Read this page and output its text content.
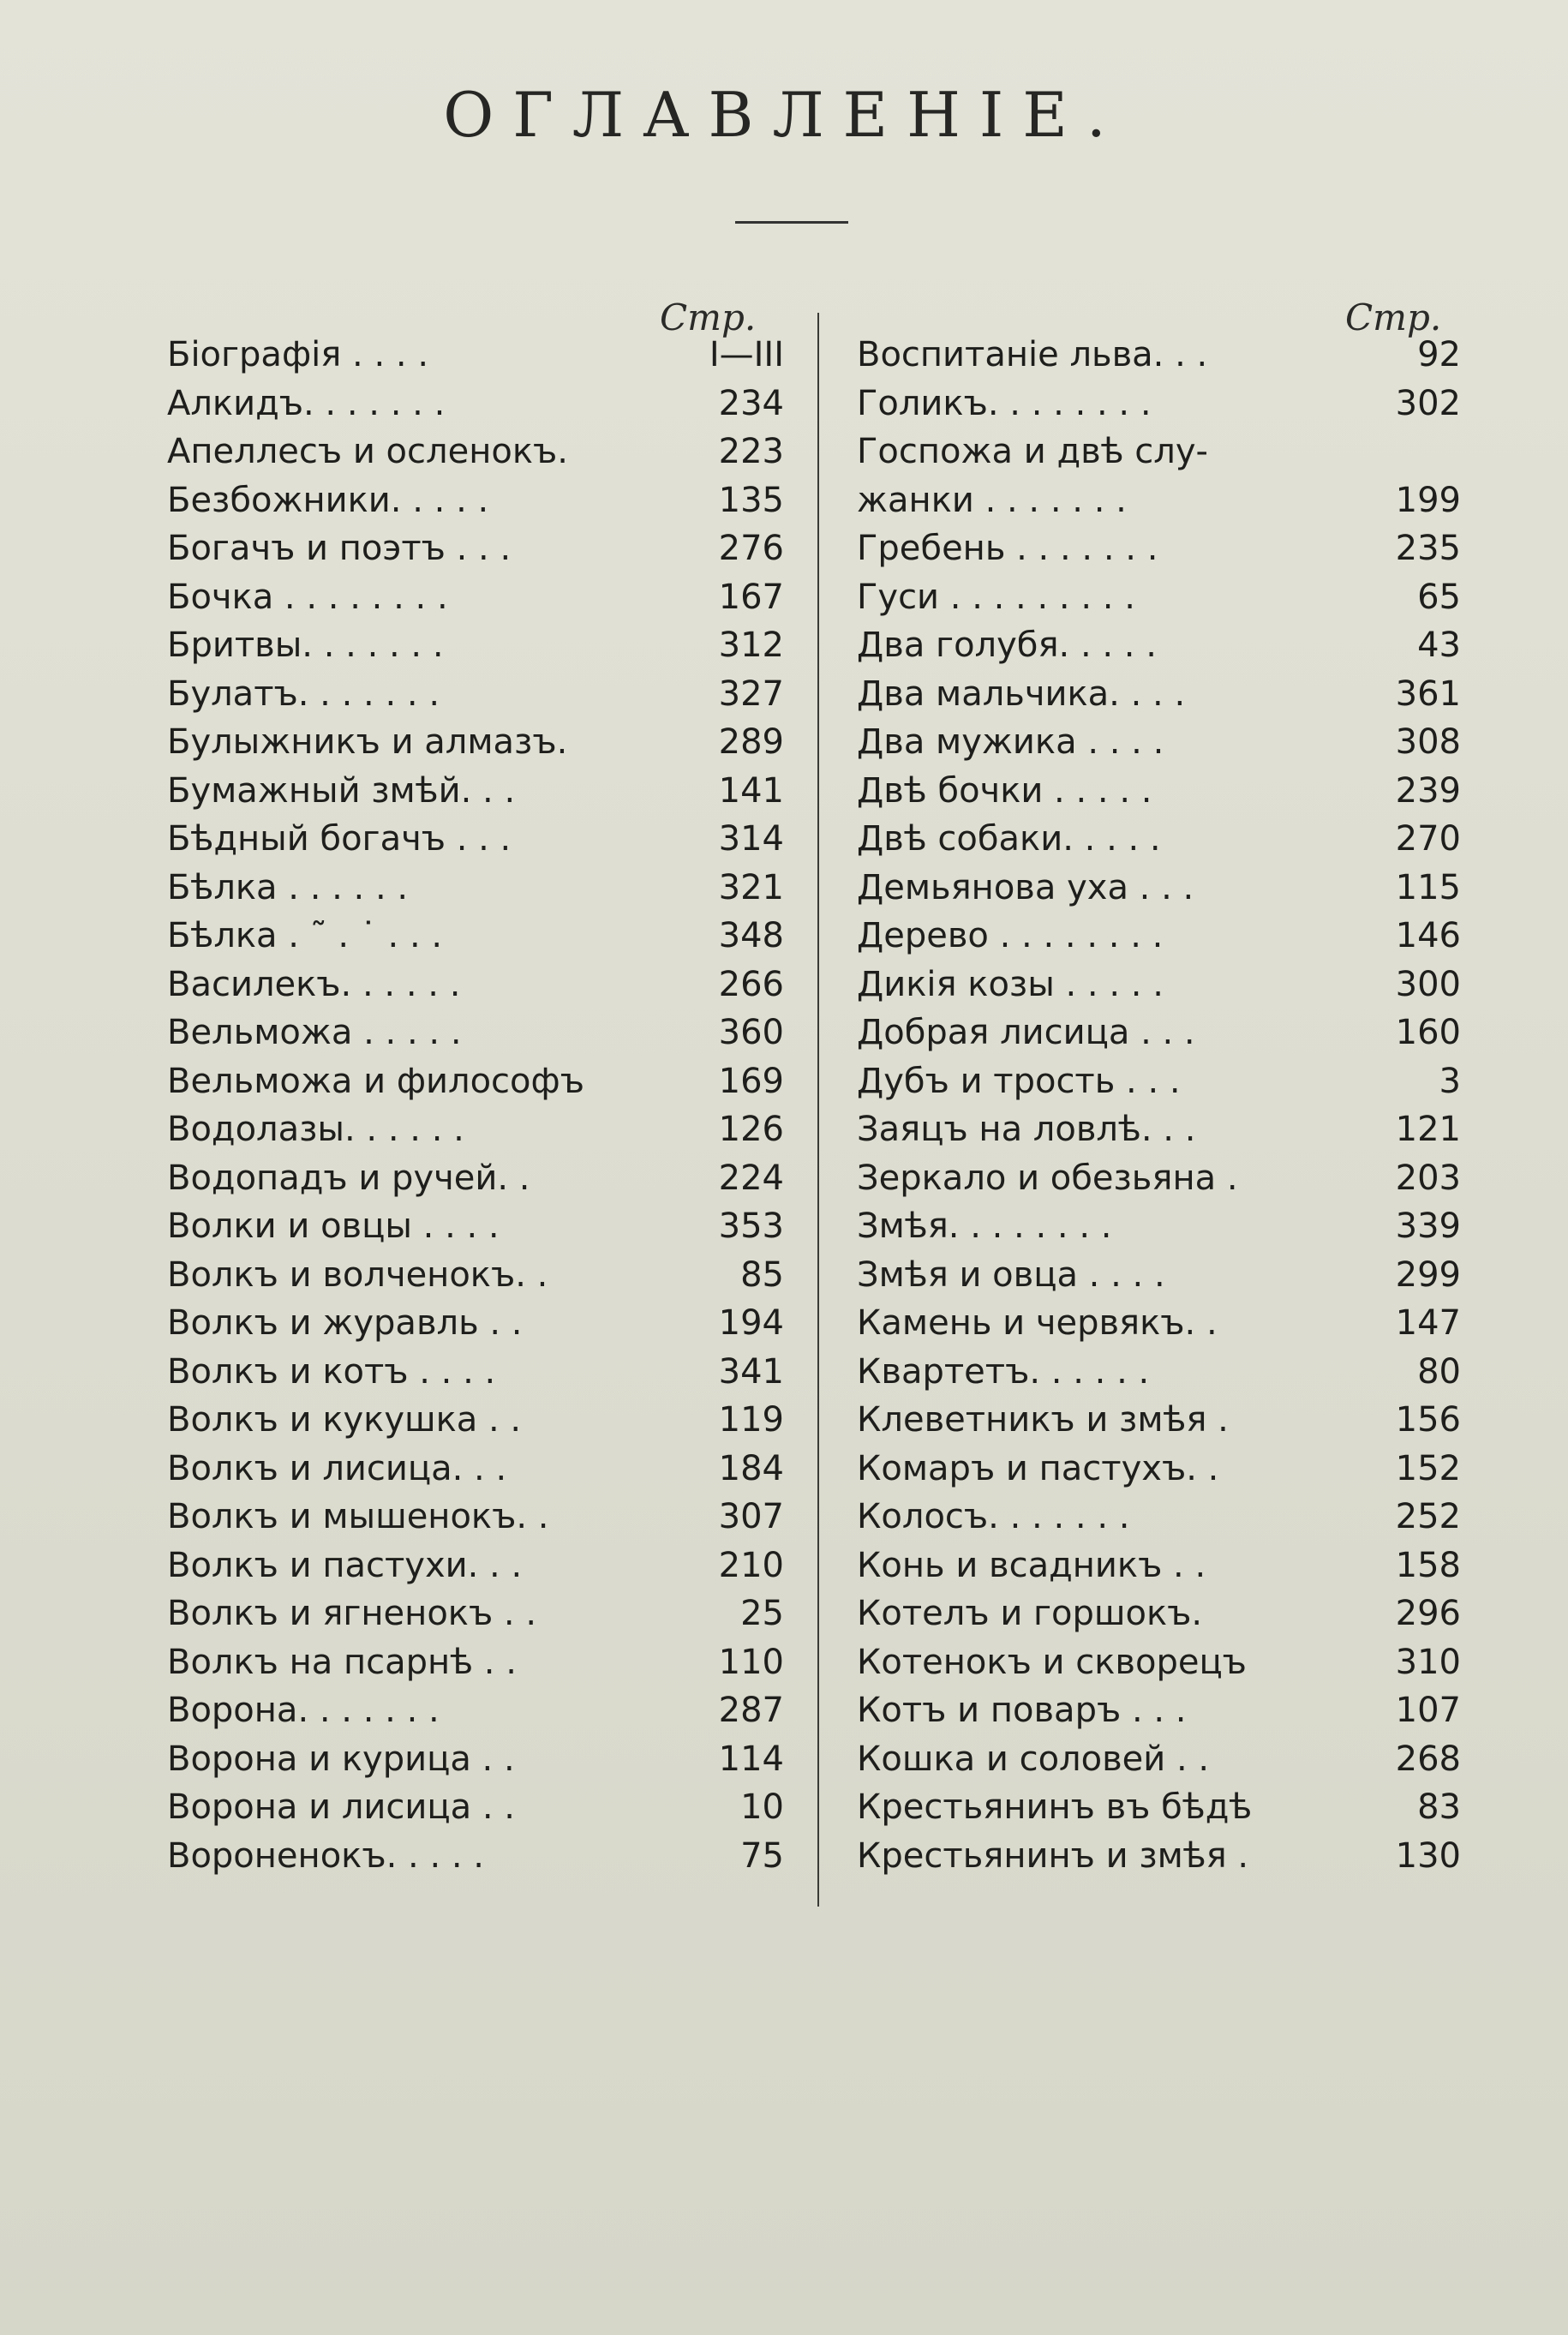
ОГЛАВЛЕНІЕ.
Стр.	Стр.
Біографія . . . .	I—III
Алкидъ. . . . . . .	234
Апеллесъ и осленокъ.	223
Безбожники. . . . .	135
Богачъ и поэтъ . . .	276
Бочка . . . . . . . .	167
Бритвы. . . . . . .	312
Булатъ. . . . . . .	327
Булыжникъ и алмазъ.	289
Бумажный змѣй. . .	141
Бѣдный богачъ . . .	314
Бѣлка . . . . . .	321
Бѣлка . ˜ . ˙ . . .	348
Василекъ. . . . . .	266
Вельможа . . . . .	360
Вельможа и философъ	169
Водолазы. . . . . .	126
Водопадъ и ручей. .	224
Волки и овцы . . . .	353
Волкъ и волченокъ. .	85
Волкъ и журавль . .	194
Волкъ и котъ . . . .	341
Волкъ и кукушка . .	119
Волкъ и лисица. . .	184
Волкъ и мышенокъ. .	307
Волкъ и пастухи. . .	210
Волкъ и ягненокъ . .	25
Волкъ на псарнѣ . .	110
Ворона. . . . . . .	287
Ворона и курица . .	114
Ворона и лисица . .	10
Вороненокъ. . . . .	75
Воспитаніе льва. . .	92
Голикъ. . . . . . . .	302
Госпожа и двѣ слу-
жанки . . . . . . .	199
Гребень . . . . . . .	235
Гуси . . . . . . . . .	65
Два голубя. . . . .	43
Два мальчика. . . .	361
Два мужика . . . .	308
Двѣ бочки . . . . .	239
Двѣ собаки. . . . .	270
Демьянова уха . . .	115
Дерево . . . . . . . .	146
Дикія козы . . . . .	300
Добрая лисица . . .	160
Дубъ и трость . . .	3
Заяцъ на ловлѣ. . .	121
Зеркало и обезьяна .	203
Змѣя. . . . . . . .	339
Змѣя и овца . . . .	299
Камень и червякъ. .	147
Квартетъ. . . . . .	80
Клеветникъ и змѣя .	156
Комаръ и пастухъ. .	152
Колосъ. . . . . . .	252
Конь и всадникъ . .	158
Котелъ и горшокъ.	296
Котенокъ и скворецъ	310
Котъ и поваръ . . .	107
Кошка и соловей . .	268
Крестьянинъ въ бѣдѣ	83
Крестьянинъ и змѣя .	130
